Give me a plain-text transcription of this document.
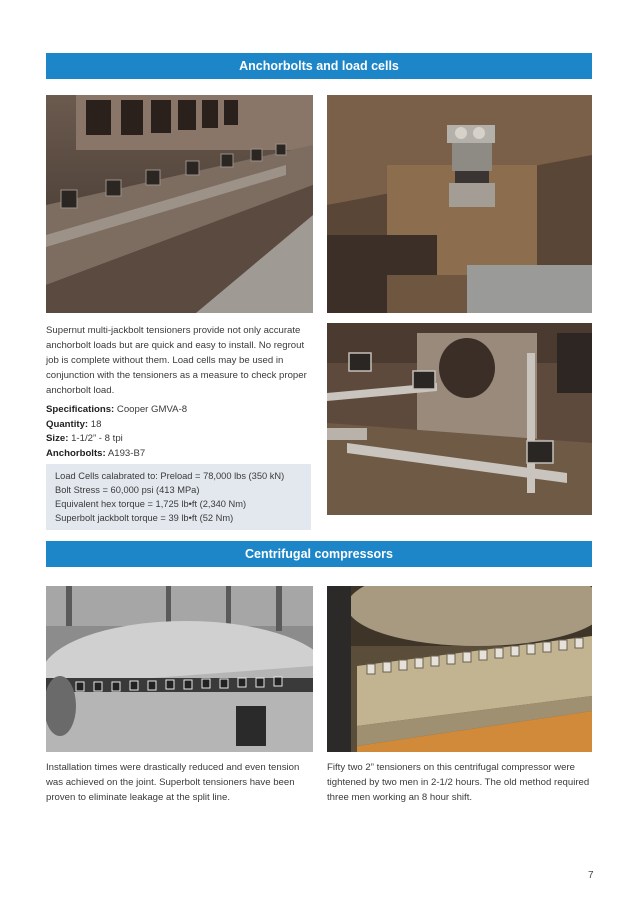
Anchorbolts and load cells
Supernut multi-jackbolt tensioners provide not only accurate anchorbolt loads but are quick and easy to install. No regrout job is complete without them. Load cells may be used in conjunction with the tensioners as a measure to check proper anchorbolt load.
Specifications: Cooper GMVA-8
Quantity: 18
Size: 1-1/2” - 8 tpi
Anchorbolts: A193-B7
Load Cells calabrated to: Preload = 78,000 lbs (350 kN)
Bolt Stress = 60,000 psi (413 MPa)
Equivalent hex torque = 1,725 lb•ft (2,340 Nm)
Superbolt jackbolt torque = 39 lb•ft (52 Nm)
Centrifugal compressors
Installation times were drastically reduced and even tension was achieved on the joint. Superbolt tensioners have been proven to eliminate leakage at the split line.
Fifty two 2” tensioners on this centrifugal compressor were tightened by two men in 2-1/2 hours. The old method required three men working an 8 hour shift.
7
